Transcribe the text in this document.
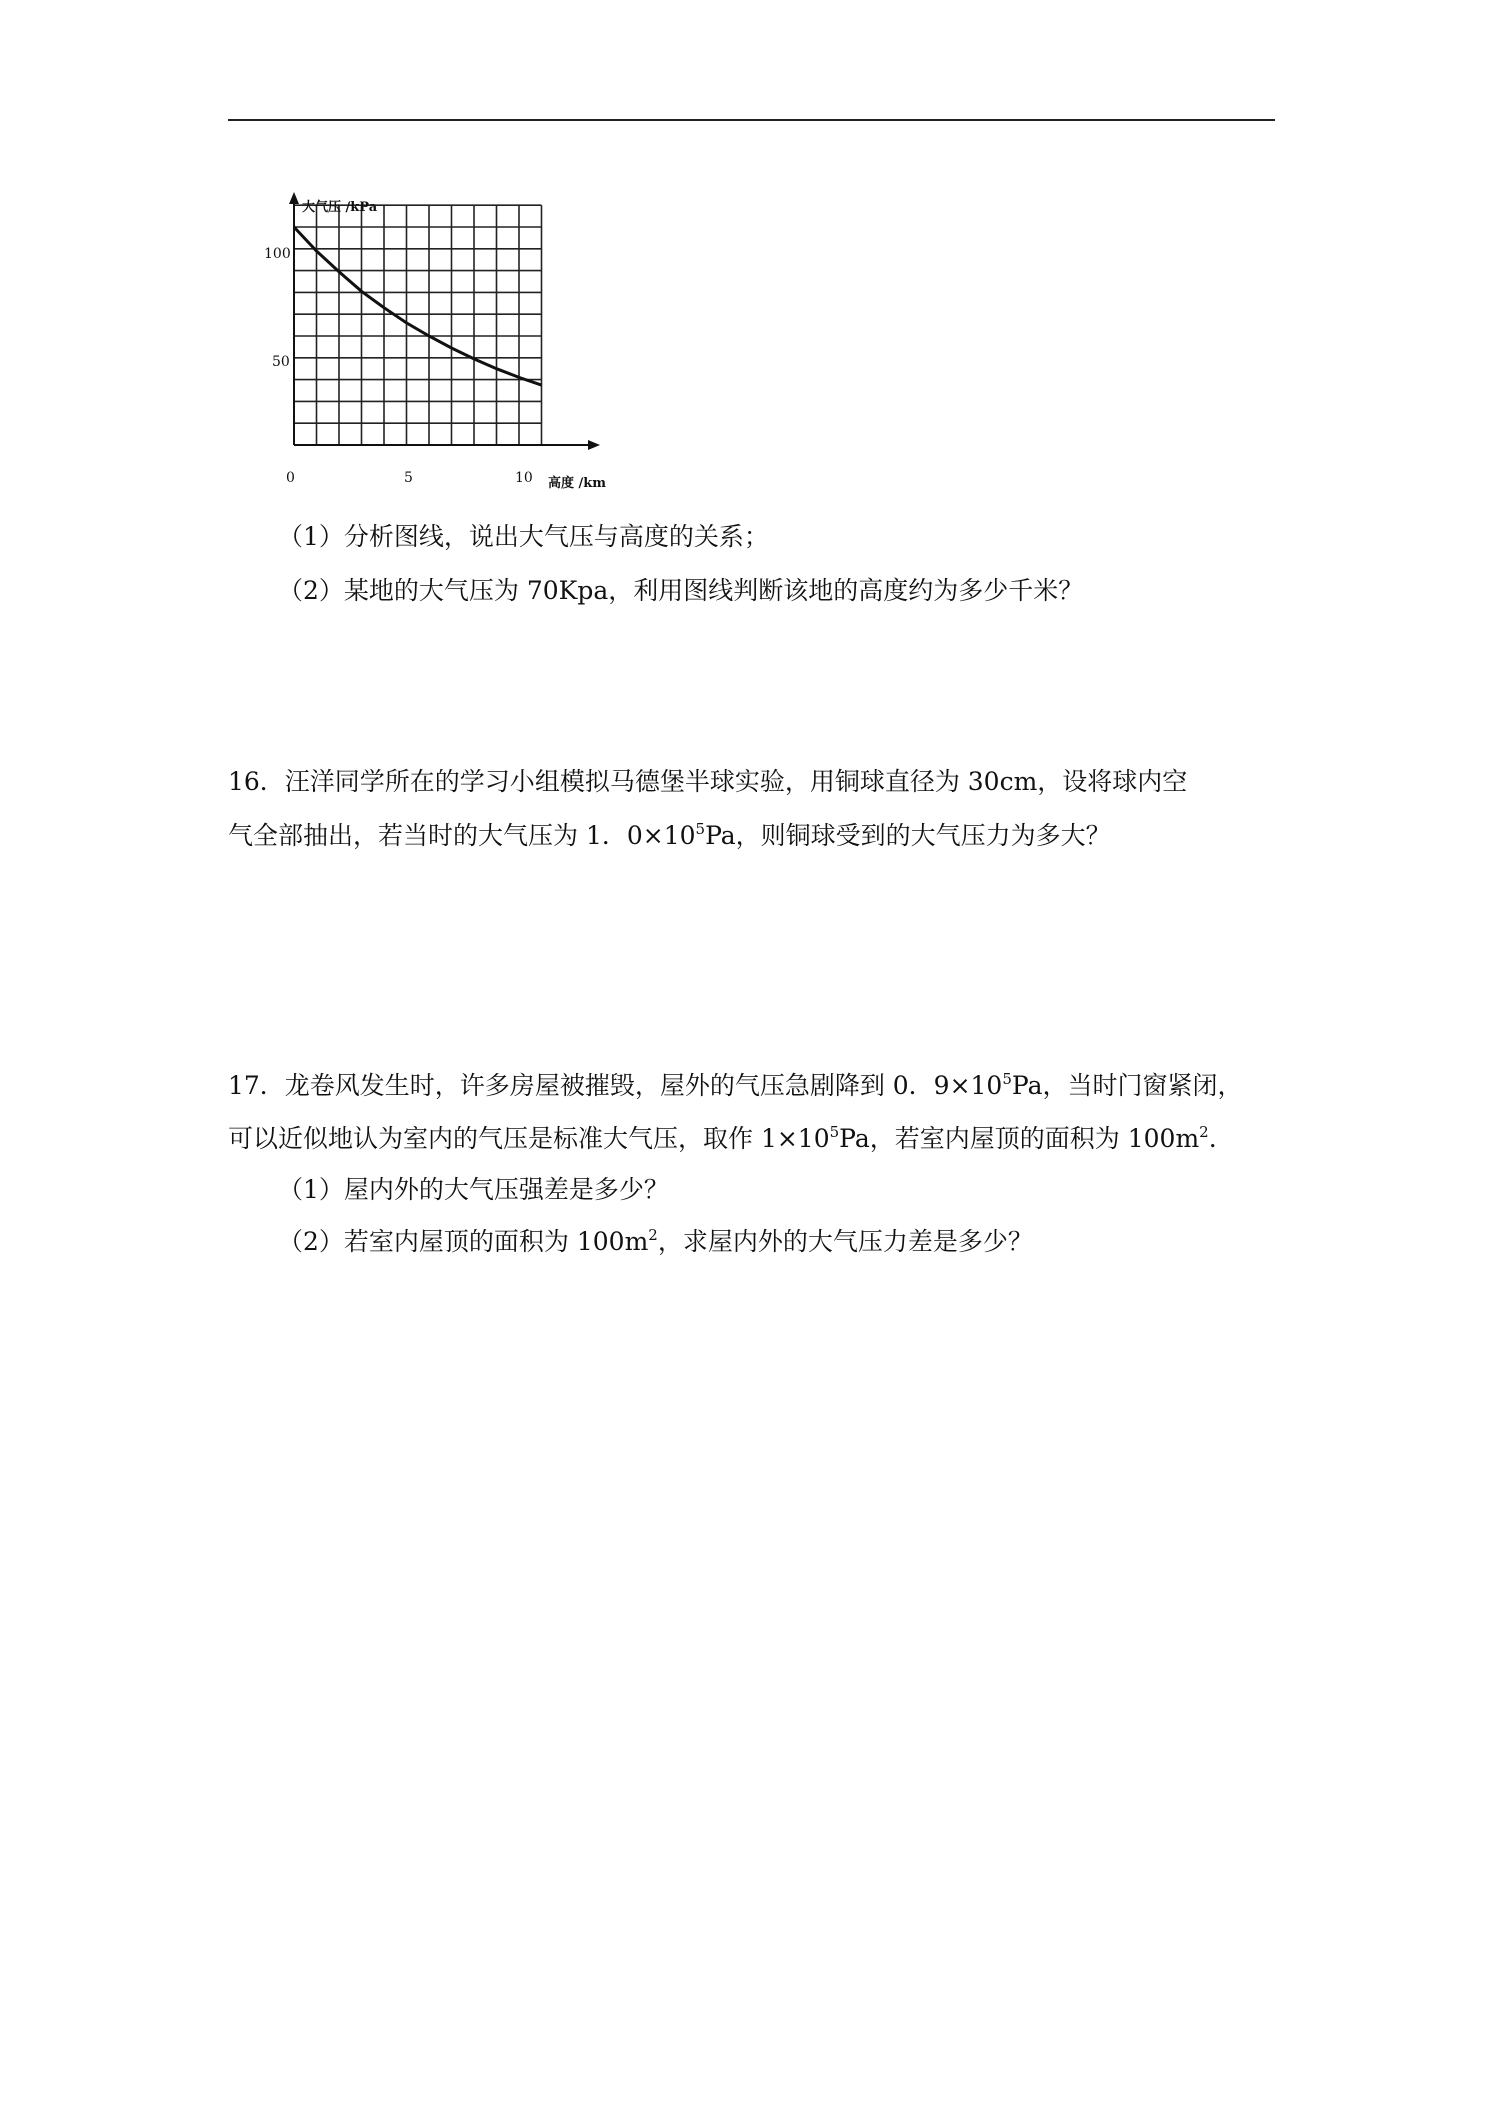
大气压 /kPa
高度 /km
0	5	10
100
50
（1）分析图线，说出大气压与高度的关系；
（2）某地的大气压为 70Kpa，利用图线判断该地的高度约为多少千米？
16．汪洋同学所在的学习小组模拟马德堡半球实验，用铜球直径为 30cm，设将球内空
气全部抽出，若当时的大气压为 1．$0\times 10^5Pa$，则铜球受到的大气压力为多大？
17．龙卷风发生时，许多房屋被摧毁，屋外的气压急剧降到 0．$9\times 10^5Pa$，当时门窗紧闭，
可以近似地认为室内的气压是标准大气压，取作 $1\times 10^5Pa$，若室内屋顶的面积为 $100m^2$.
（1）屋内外的大气压强差是多少？
（2）若室内屋顶的面积为 $100m^2$，求屋内外的大气压力差是多少？
